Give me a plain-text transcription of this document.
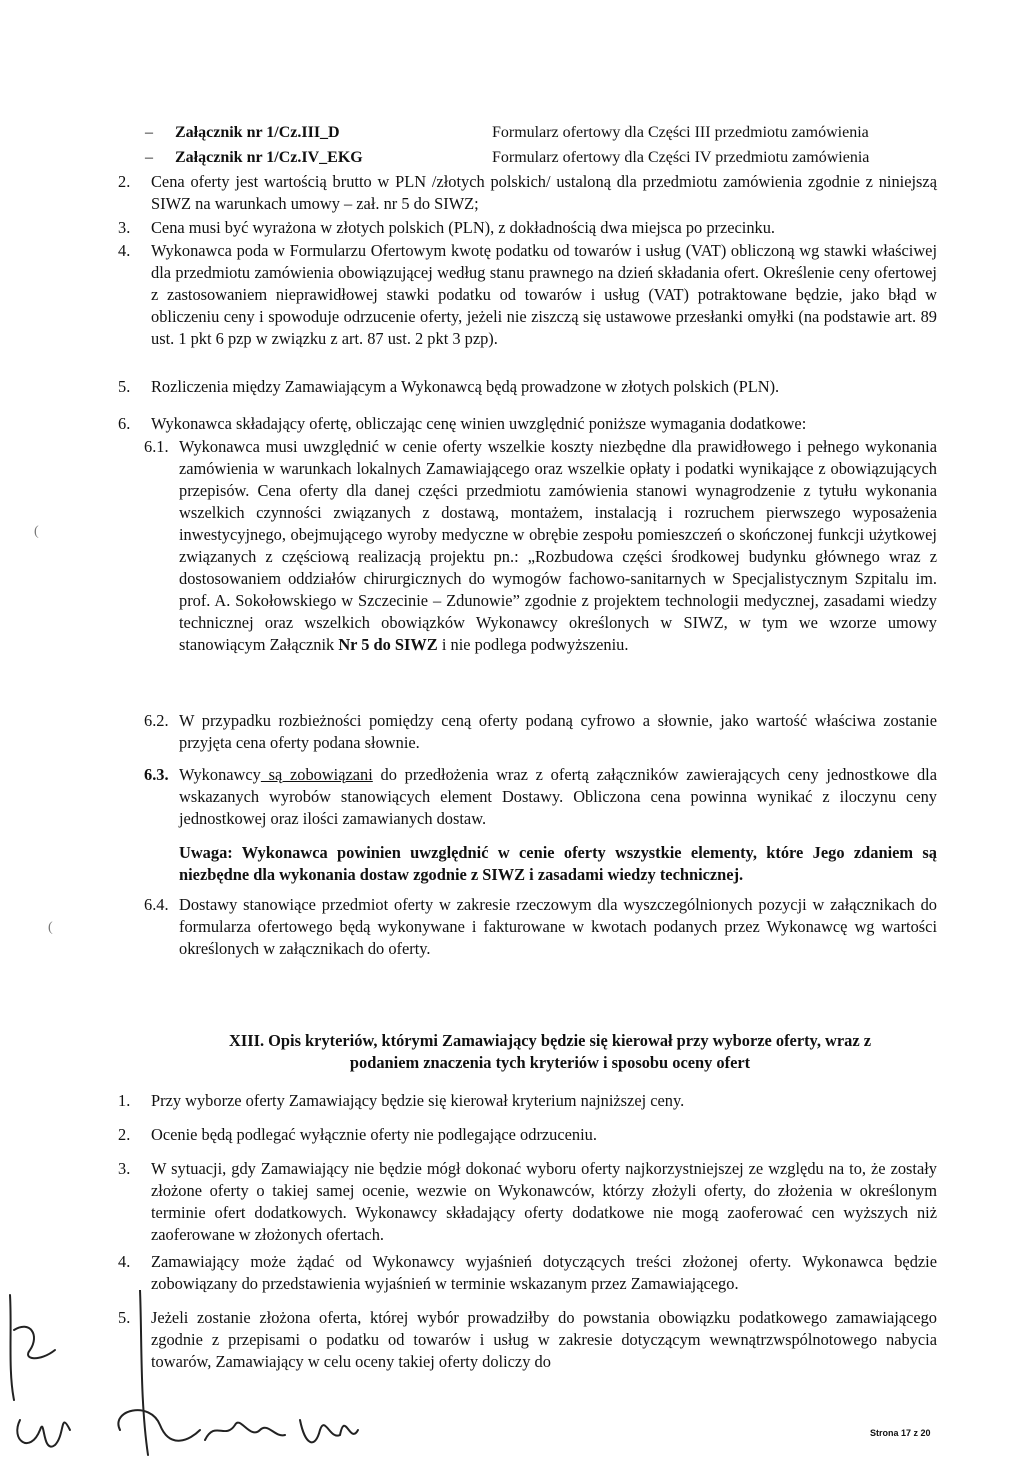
– Załącznik nr 1/Cz.III_D	Formularz ofertowy dla Części III przedmiotu zamówienia
– Załącznik nr 1/Cz.IV_EKG	Formularz ofertowy dla Części IV przedmiotu zamówienia
2. Cena oferty jest wartością brutto w PLN /złotych polskich/ ustaloną dla przedmiotu zamówienia zgodnie z niniejszą SIWZ na warunkach umowy – zał. nr 5 do SIWZ;

3. Cena musi być wyrażona w złotych polskich (PLN), z dokładnością dwa miejsca po przecinku.

4. Wykonawca poda w Formularzu Ofertowym kwotę podatku od towarów i usług (VAT) obliczoną wg stawki właściwej dla przedmiotu zamówienia obowiązującej według stanu prawnego na dzień składania ofert. Określenie ceny ofertowej z zastosowaniem nieprawidłowej stawki podatku od towarów i usług (VAT) potraktowane będzie, jako błąd w obliczeniu ceny i spowoduje odrzucenie oferty, jeżeli nie ziszczą się ustawowe przesłanki omyłki (na podstawie art. 89 ust. 1 pkt 6 pzp w związku z art. 87 ust. 2 pkt 3 pzp).

5. Rozliczenia między Zamawiającym a Wykonawcą będą prowadzone w złotych polskich (PLN).

6. Wykonawca składający ofertę, obliczając cenę winien uwzględnić poniższe wymagania dodatkowe:

6.1. Wykonawca musi uwzględnić w cenie oferty wszelkie koszty niezbędne dla prawidłowego i pełnego wykonania zamówienia w warunkach lokalnych Zamawiającego oraz wszelkie opłaty i podatki wynikające z obowiązujących przepisów. Cena oferty dla danej części przedmiotu zamówienia stanowi wynagrodzenie z tytułu wykonania wszelkich czynności związanych z dostawą, montażem, instalacją i rozruchem pierwszego wyposażenia inwestycyjnego, obejmującego wyroby medyczne w obrębie zespołu pomieszczeń o skończonej funkcji użytkowej związanych z częściową realizacją projektu pn.: „Rozbudowa części środkowej budynku głównego wraz z dostosowaniem oddziałów chirurgicznych do wymogów fachowo-sanitarnych w Specjalistycznym Szpitalu im. prof. A. Sokołowskiego w Szczecinie – Zdunowie” zgodnie z projektem technologii medycznej, zasadami wiedzy technicznej oraz wszelkich obowiązków Wykonawcy określonych w SIWZ, w tym we wzorze umowy stanowiącym Załącznik Nr 5 do SIWZ i nie podlega podwyższeniu.

6.2. W przypadku rozbieżności pomiędzy ceną oferty podaną cyfrowo a słownie, jako wartość właściwa zostanie przyjęta cena oferty podana słownie.

6.3. Wykonawcy są zobowiązani do przedłożenia wraz z ofertą załączników zawierających ceny jednostkowe dla wskazanych wyrobów stanowiących element Dostawy. Obliczona cena powinna wynikać z iloczynu ceny jednostkowej oraz ilości zamawianych dostaw.

Uwaga: Wykonawca powinien uwzględnić w cenie oferty wszystkie elementy, które Jego zdaniem są niezbędne dla wykonania dostaw zgodnie z SIWZ i zasadami wiedzy technicznej.

6.4. Dostawy stanowiące przedmiot oferty w zakresie rzeczowym dla wyszczególnionych pozycji w załącznikach do formularza ofertowego będą wykonywane i fakturowane w kwotach podanych przez Wykonawcę wg wartości określonych w załącznikach do oferty.

XIII. Opis kryteriów, którymi Zamawiający będzie się kierował przy wyborze oferty, wraz z
podaniem znaczenia tych kryteriów i sposobu oceny ofert
1. Przy wyborze oferty Zamawiający będzie się kierował kryterium najniższej ceny.

2. Ocenie będą podlegać wyłącznie oferty nie podlegające odrzuceniu.

3. W sytuacji, gdy Zamawiający nie będzie mógł dokonać wyboru oferty najkorzystniejszej ze względu na to, że zostały złożone oferty o takiej samej ocenie, wezwie on Wykonawców, którzy złożyli oferty, do złożenia w określonym terminie ofert dodatkowych. Wykonawcy składający oferty dodatkowe nie mogą zaoferować cen wyższych niż zaoferowane w złożonych ofertach.

4. Zamawiający może żądać od Wykonawcy wyjaśnień dotyczących treści złożonej oferty. Wykonawca będzie zobowiązany do przedstawienia wyjaśnień w terminie wskazanym przez Zamawiającego.

5. Jeżeli zostanie złożona oferta, której wybór prowadziłby do powstania obowiązku podatkowego zamawiającego zgodnie z przepisami o podatku od towarów i usług w zakresie dotyczącym wewnątrzwspólnotowego nabycia towarów, Zamawiający w celu oceny takiej oferty doliczy do

(
(
Strona 17 z 20
